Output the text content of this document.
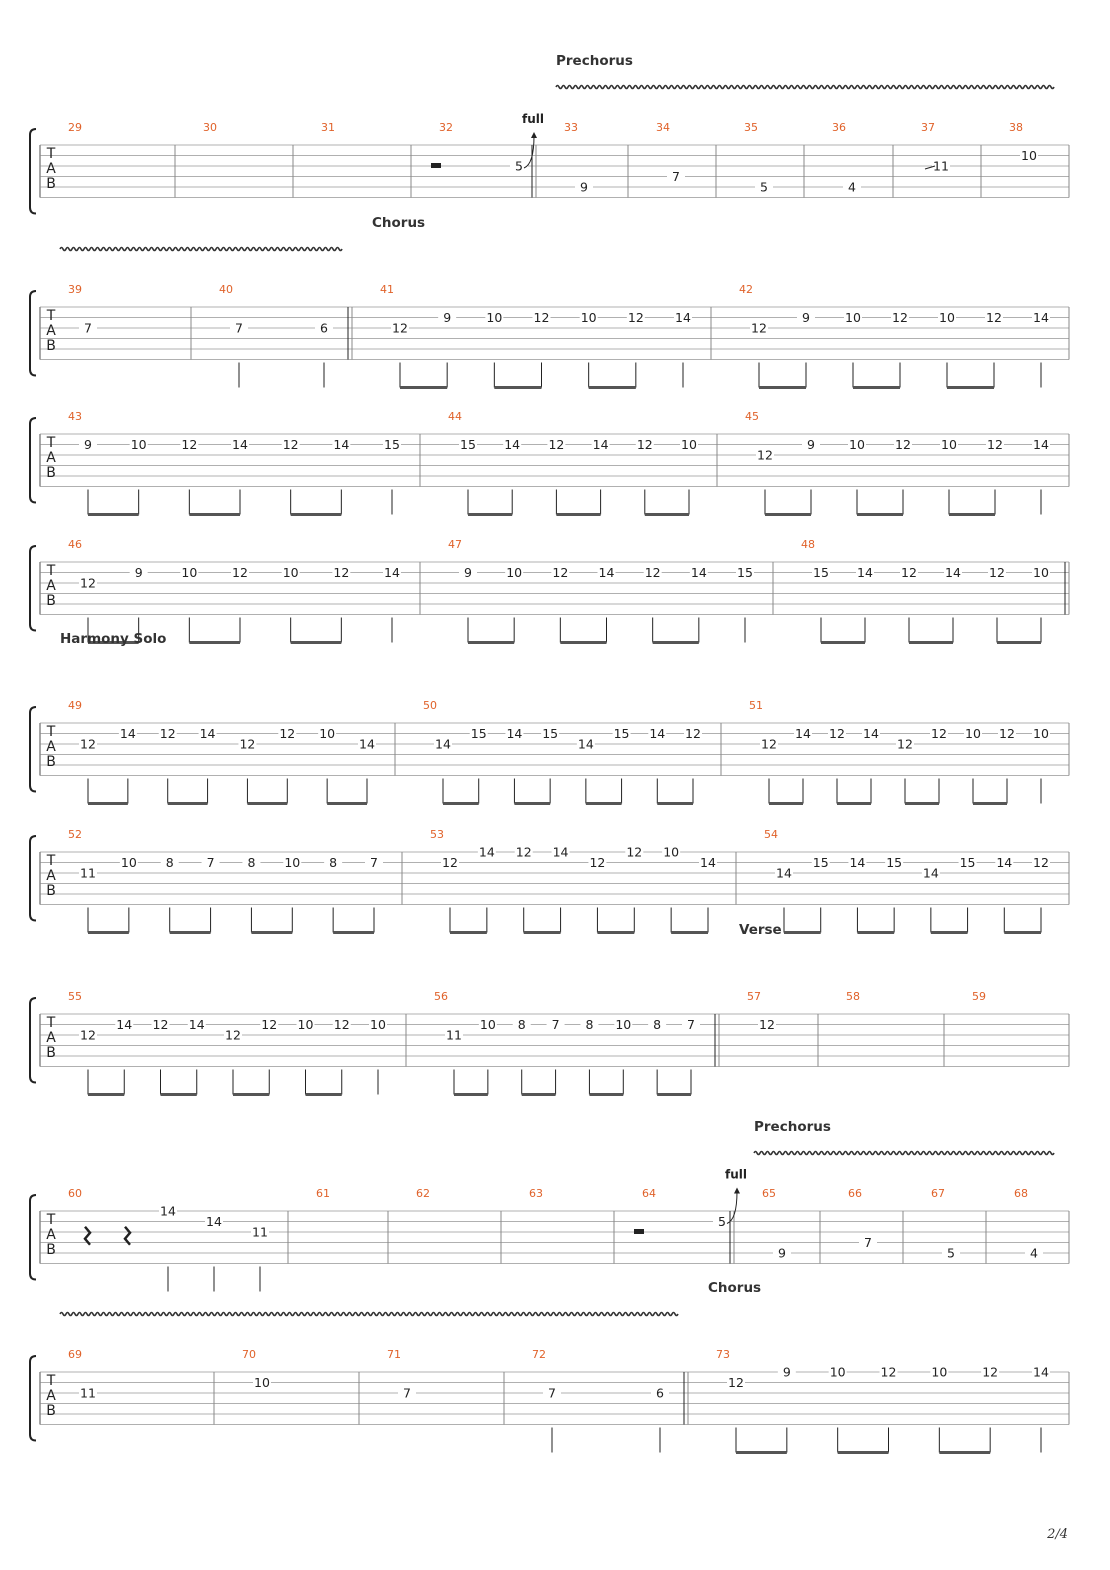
T
A
B
29	30	31	32
5
full
33
9
34
7
35
5
36
4
37
11
38
10
Prechorus
T
A
B
39
7
40
7	6
41
12
9	10	12	10	12	14
42
12
9	10 12 10 12 14
Chorus
T
A
B
43
9	10	12	14	12	14	15
44
15 14 12 14 12 10
45
12
9	10 12 10 12 14
T
A
B
46
12
9	10	12	10	12	14
47
9	10 12 14 12 14 15
48
15 14 12 14 12 10
T
A
B
49
12
14 12 14
12
12 10
14
50
14
15 14 15
14
15 14 12
51
12
14 12 14
12
12 10 12 10
Harmony Solo
T
A
B
52
11
10 8	7	8 10 8	7
53
12
14 12 14
12
12 10
14
54
14
15 14 15
14
15 14 12
T
A
B
55
12
14 12 14
12
12 10 12 10
56
11
10 8 7 8 10 8 7
57
12
58	59
Verse
T
A
B
60
14
14
11
61	62	63	64
5
full
65
9
66
7
67
5
68
4
Prechorus
T
A
B
69
11
70
10
71
7
72
7	6
73
12
9	10	12	10	12	14
Chorus
2/4
